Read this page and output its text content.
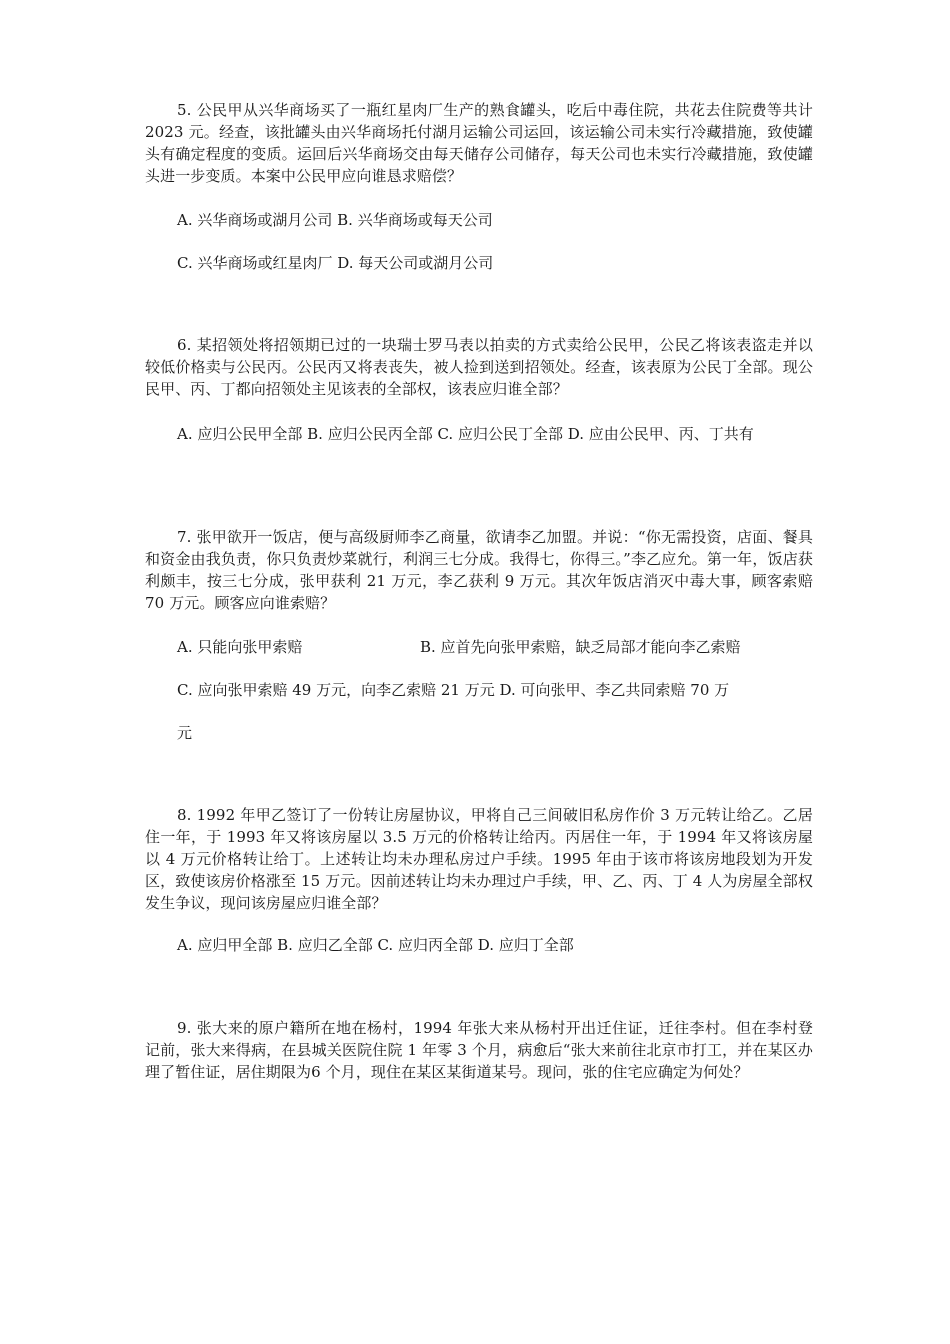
5. 公民甲从兴华商场买了一瓶红星肉厂生产的熟食罐头，吃后中毒住院，共花去住院费等共计 2023 元。经查，该批罐头由兴华商场托付湖月运输公司运回，该运输公司未实行冷藏措施，致使罐头有确定程度的变质。运回后兴华商场交由每天储存公司储存，每天公司也未实行冷藏措施，致使罐头进一步变质。本案中公民甲应向谁恳求赔偿？

A. 兴华商场或湖月公司 B. 兴华商场或每天公司

C. 兴华商场或红星肉厂 D. 每天公司或湖月公司

6. 某招领处将招领期已过的一块瑞士罗马表以拍卖的方式卖给公民甲，公民乙将该表盗走并以较低价格卖与公民丙。公民丙又将表丧失，被人捡到送到招领处。经查，该表原为公民丁全部。现公民甲、丙、丁都向招领处主见该表的全部权，该表应归谁全部？

A. 应归公民甲全部 B. 应归公民丙全部 C. 应归公民丁全部 D. 应由公民甲、丙、丁共有

7. 张甲欲开一饭店，便与高级厨师李乙商量，欲请李乙加盟。并说：“你无需投资，店面、餐具和资金由我负责，你只负责炒菜就行，利润三七分成。我得七，你得三。”李乙应允。第一年，饭店获利颇丰，按三七分成，张甲获利 21 万元，李乙获利 9 万元。其次年饭店消灭中毒大事，顾客索赔 70 万元。顾客应向谁索赔？

A. 只能向张甲索赔	B. 应首先向张甲索赔，缺乏局部才能向李乙索赔

C. 应向张甲索赔 49 万元，向李乙索赔 21 万元 D. 可向张甲、李乙共同索赔 70 万

元

8. 1992 年甲乙签订了一份转让房屋协议，甲将自己三间破旧私房作价 3 万元转让给乙。乙居住一年，于 1993 年又将该房屋以 3.5 万元的价格转让给丙。丙居住一年，于 1994 年又将该房屋以 4 万元价格转让给丁。上述转让均未办理私房过户手续。1995 年由于该市将该房地段划为开发区，致使该房价格涨至 15 万元。因前述转让均未办理过户手续，甲、乙、丙、丁 4 人为房屋全部权发生争议，现问该房屋应归谁全部？

A. 应归甲全部 B. 应归乙全部 C. 应归丙全部 D. 应归丁全部

9. 张大来的原户籍所在地在杨村，1994 年张大来从杨村开出迁住证，迁往李村。但在李村登记前，张大来得病，在县城关医院住院 1 年零 3 个月，病愈后“张大来前往北京市打工，并在某区办理了暂住证，居住期限为6 个月，现住在某区某街道某号。现问，张的住宅应确定为何处？
